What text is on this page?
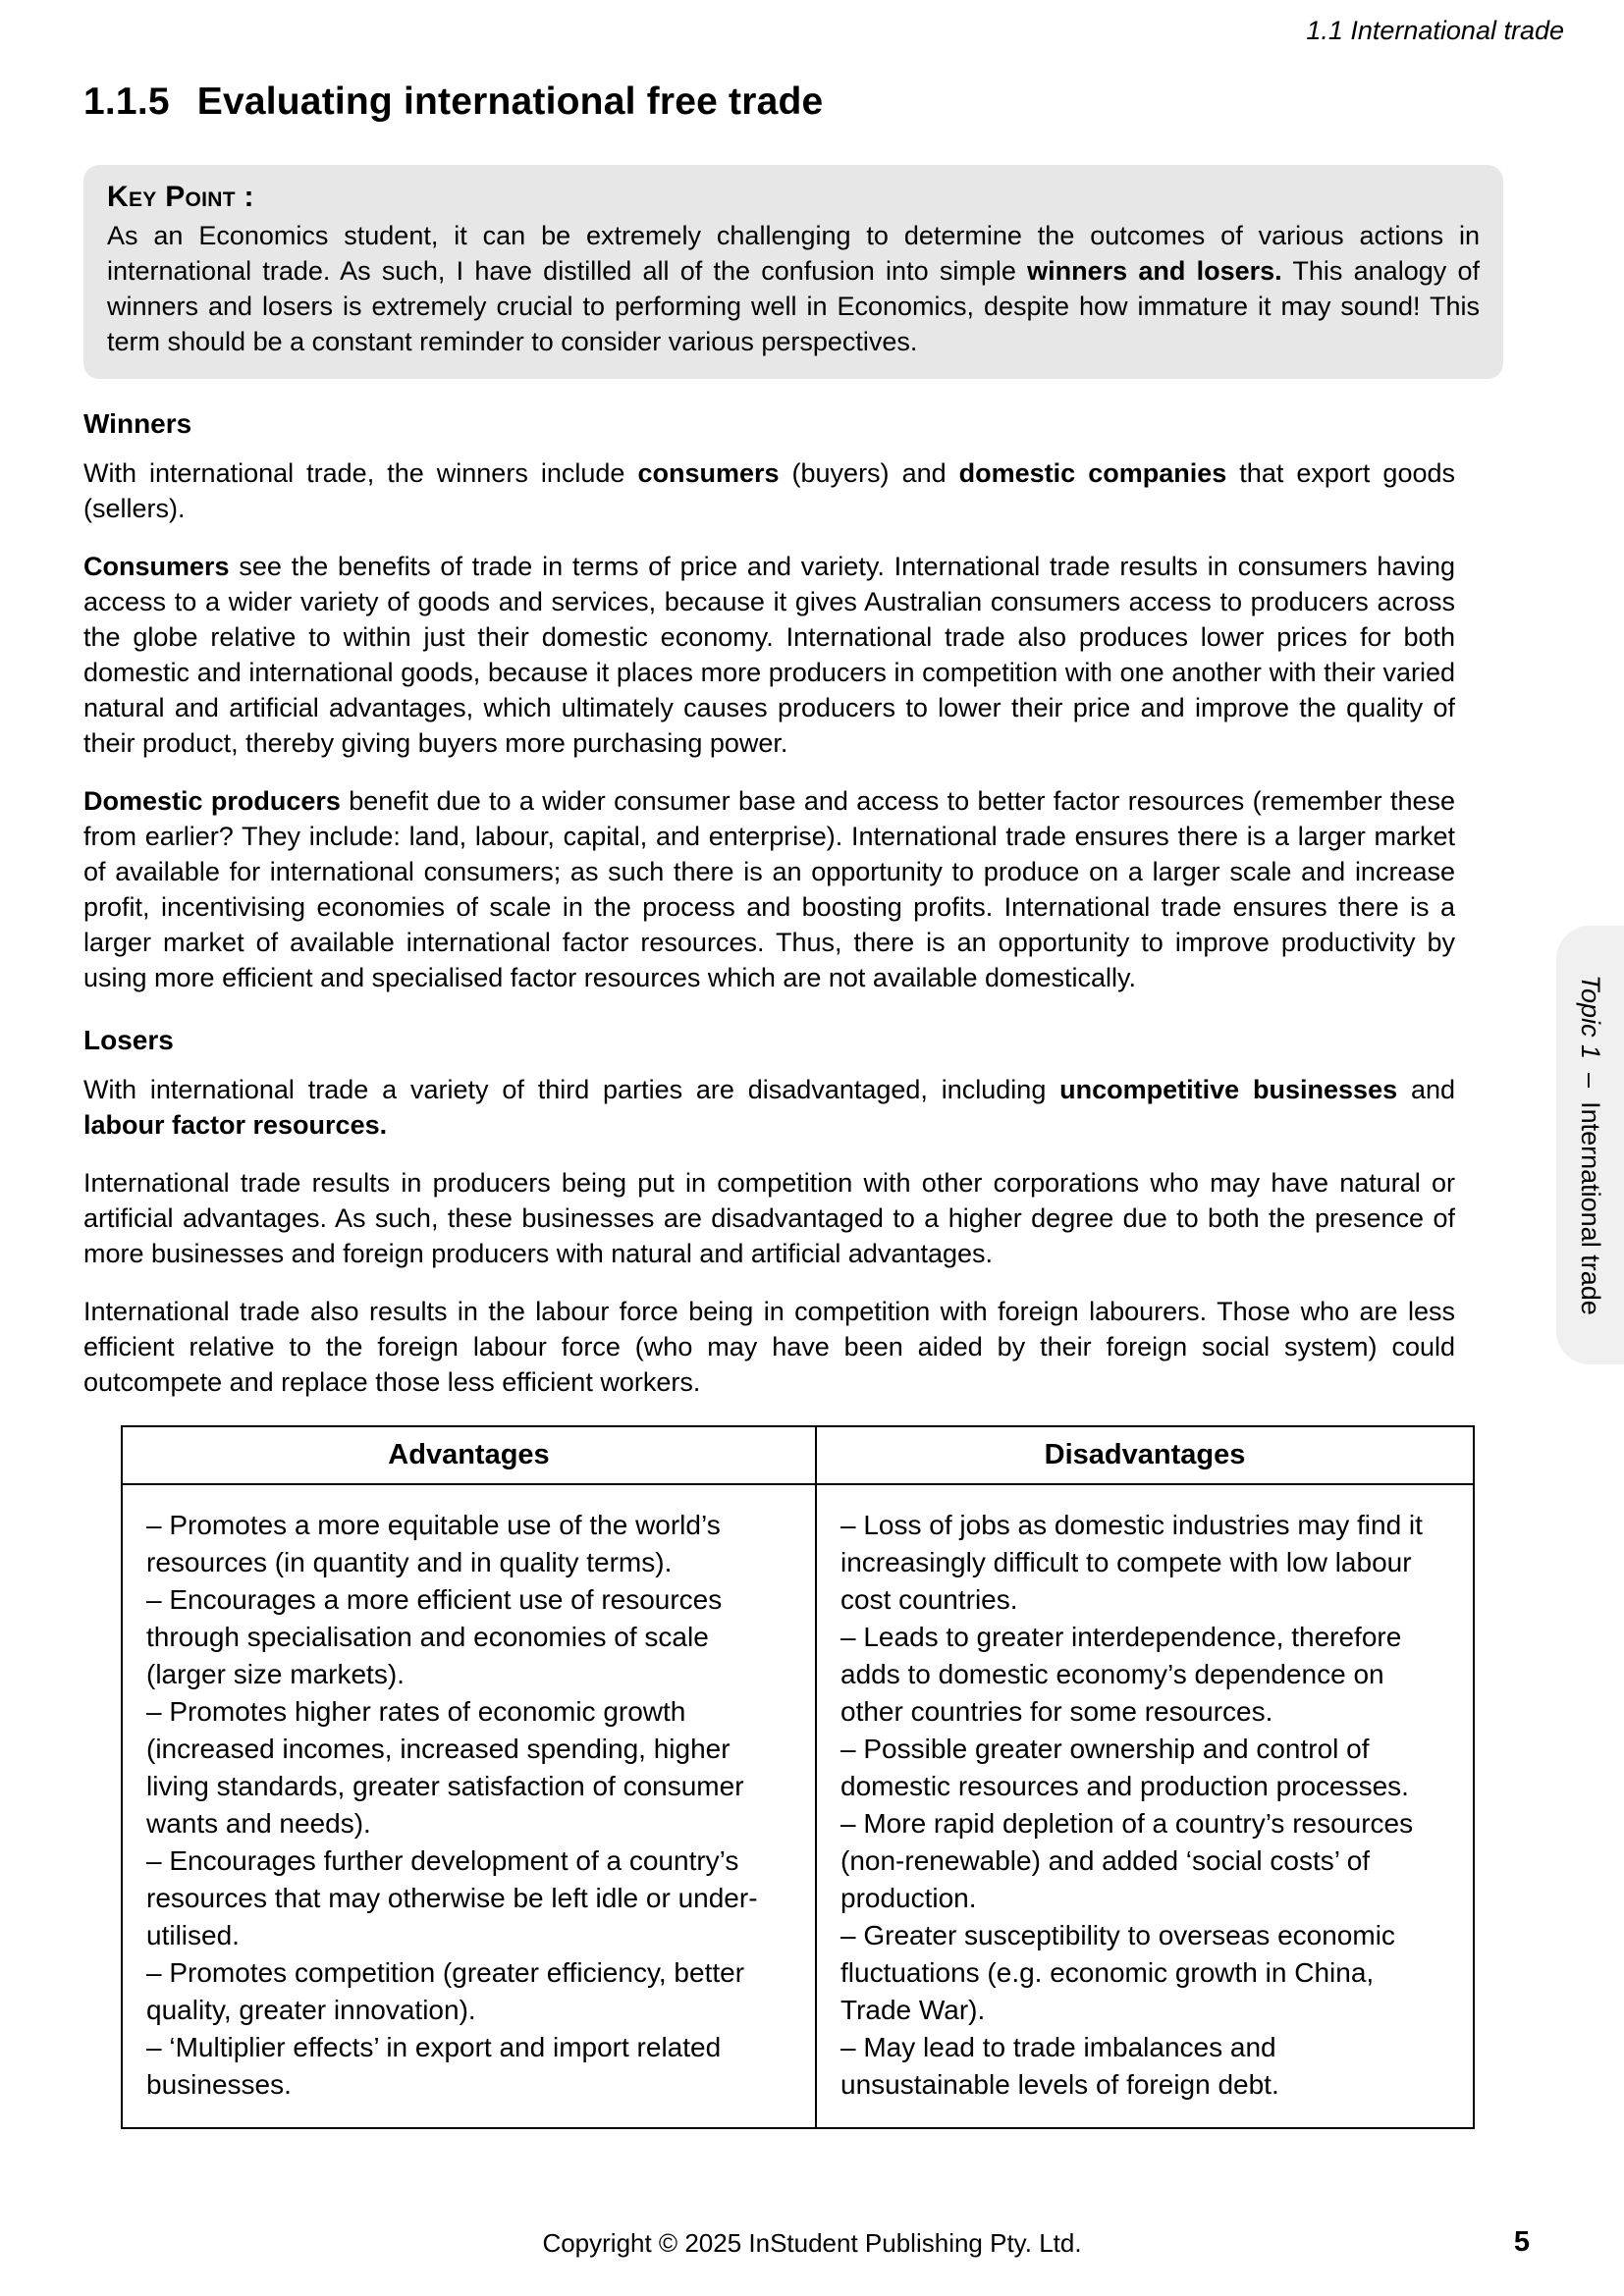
1.1 International trade
1.1.5 Evaluating international free trade
Key Point :

As an Economics student, it can be extremely challenging to determine the outcomes of various actions in international trade. As such, I have distilled all of the confusion into simple winners and losers. This analogy of winners and losers is extremely crucial to performing well in Economics, despite how immature it may sound! This term should be a constant reminder to consider various perspectives.

Winners

With international trade, the winners include consumers (buyers) and domestic companies that export goods (sellers).

Consumers see the benefits of trade in terms of price and variety. International trade results in consumers having access to a wider variety of goods and services, because it gives Australian consumers access to producers across the globe relative to within just their domestic economy. International trade also produces lower prices for both domestic and international goods, because it places more producers in competition with one another with their varied natural and artificial advantages, which ultimately causes producers to lower their price and improve the quality of their product, thereby giving buyers more purchasing power.

Domestic producers benefit due to a wider consumer base and access to better factor resources (remember these from earlier? They include: land, labour, capital, and enterprise). International trade ensures there is a larger market of available for international consumers; as such there is an opportunity to produce on a larger scale and increase profit, incentivising economies of scale in the process and boosting profits. International trade ensures there is a larger market of available international factor resources. Thus, there is an opportunity to improve productivity by using more efficient and specialised factor resources which are not available domestically.

Losers

With international trade a variety of third parties are disadvantaged, including uncompetitive businesses and labour factor resources.

International trade results in producers being put in competition with other corporations who may have natural or artificial advantages. As such, these businesses are disadvantaged to a higher degree due to both the presence of more businesses and foreign producers with natural and artificial advantages.

International trade also results in the labour force being in competition with foreign labourers. Those who are less efficient relative to the foreign labour force (who may have been aided by their foreign social system) could outcompete and replace those less efficient workers.

Advantages	Disadvantages

– Promotes a more equitable use of the world’s resources (in quantity and in quality terms).
– Encourages a more efficient use of resources through specialisation and economies of scale (larger size markets).
– Promotes higher rates of economic growth (increased incomes, increased spending, higher living standards, greater satisfaction of consumer wants and needs).
– Encourages further development of a country’s resources that may otherwise be left idle or under-utilised.
– Promotes competition (greater efficiency, better quality, greater innovation).
– ‘Multiplier effects’ in export and import related businesses.

– Loss of jobs as domestic industries may find it increasingly difficult to compete with low labour cost countries.
– Leads to greater interdependence, therefore adds to domestic economy’s dependence on other countries for some resources.
– Possible greater ownership and control of domestic resources and production processes.
– More rapid depletion of a country’s resources (non-renewable) and added ‘social costs’ of production.
– Greater susceptibility to overseas economic fluctuations (e.g. economic growth in China, Trade War).
– May lead to trade imbalances and unsustainable levels of foreign debt.
Topic 1–International trade
Copyright © 2025 InStudent Publishing Pty. Ltd.	5
